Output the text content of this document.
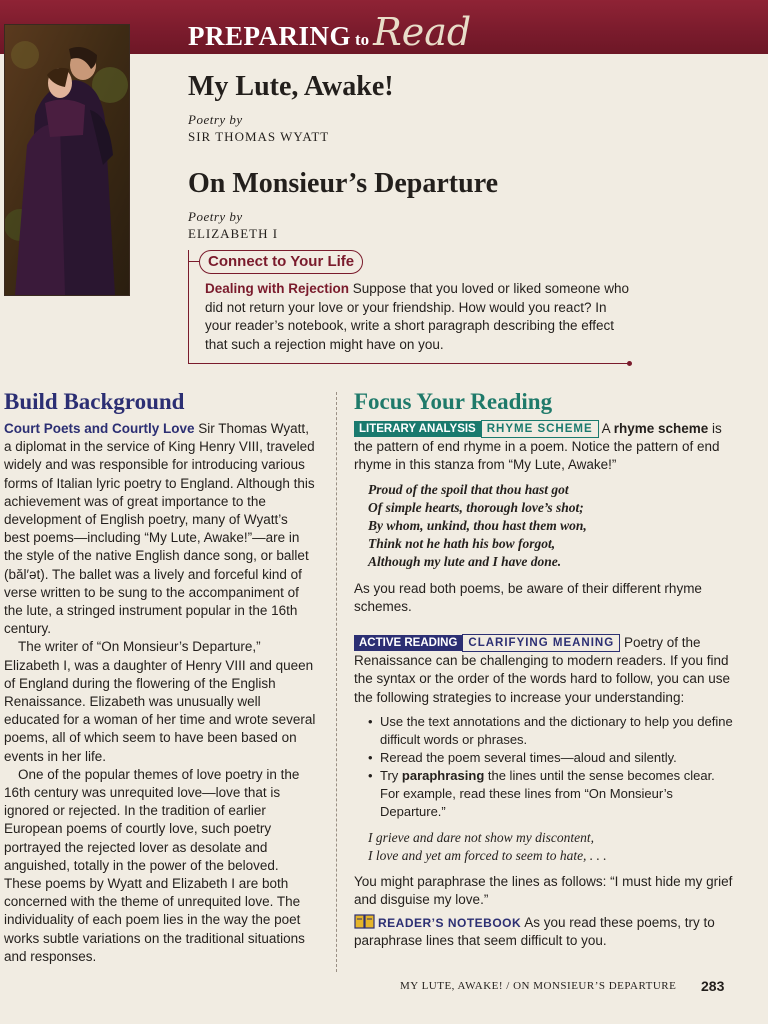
PREPARING to Read
My Lute, Awake!
Poetry by
SIR THOMAS WYATT
On Monsieur’s Departure
Poetry by
ELIZABETH I
Connect to Your Life
Dealing with Rejection Suppose that you loved or liked someone who did not return your love or your friendship. How would you react? In your reader’s notebook, write a short paragraph describing the effect that such a rejection might have on you.
Build Background

Court Poets and Courtly Love Sir Thomas Wyatt, a diplomat in the service of King Henry VIII, traveled widely and was responsible for introducing various forms of Italian lyric poetry to England. Although this achievement was of great importance to the development of English poetry, many of Wyatt’s best poems—including “My Lute, Awake!”—are in the style of the native English dance song, or ballet (băl′ət). The ballet was a lively and forceful kind of verse written to be sung to the accompaniment of the lute, a stringed instrument popular in the 16th century.

The writer of “On Monsieur’s Departure,” Elizabeth I, was a daughter of Henry VIII and queen of England during the flowering of the English Renaissance. Elizabeth was unusually well educated for a woman of her time and wrote several poems, all of which seem to have been based on events in her life.

One of the popular themes of love poetry in the 16th century was unrequited love—love that is ignored or rejected. In the tradition of earlier European poems of courtly love, such poetry portrayed the rejected lover as desolate and anguished, totally in the power of the beloved. These poems by Wyatt and Elizabeth I are both concerned with the theme of unrequited love. The individuality of each poem lies in the way the poet works subtle variations on the traditional situations and responses.

Focus Your Reading

LITERARY ANALYSIS RHYME SCHEME A rhyme scheme is the pattern of end rhyme in a poem. Notice the pattern of end rhyme in this stanza from “My Lute, Awake!”

Proud of the spoil that thou hast got
Of simple hearts, thorough love’s shot;
By whom, unkind, thou hast them won,
Think not he hath his bow forgot,
Although my lute and I have done.

As you read both poems, be aware of their different rhyme schemes.

ACTIVE READING CLARIFYING MEANING Poetry of the Renaissance can be challenging to modern readers. If you find the syntax or the order of the words hard to follow, you can use the following strategies to increase your understanding:

• Use the text annotations and the dictionary to help you define difficult words or phrases.
• Reread the poem several times—aloud and silently.
• Try paraphrasing the lines until the sense becomes clear. For example, read these lines from “On Monsieur’s Departure.”
I grieve and dare not show my discontent,
I love and yet am forced to seem to hate, . . .

You might paraphrase the lines as follows: “I must hide my grief and disguise my love.”

READER’S NOTEBOOK As you read these poems, try to paraphrase lines that seem difficult to you.

MY LUTE, AWAKE! / ON MONSIEUR’S DEPARTURE	283
